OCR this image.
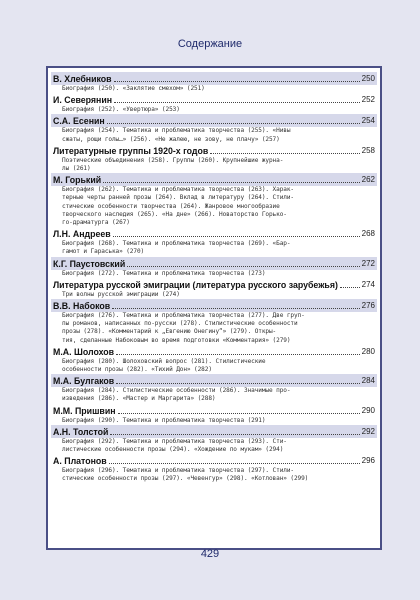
Содержание
В. Хлебников	250
Биография (250). «Заклятие смехом» (251)
И. Северянин	252
Биография (252). «Увертюра» (253)
С.А. Есенин	254
Биография (254). Тематика и проблематика творчества (255). «Нивы
сжаты, рощи голы…» (256). «Не жалею, не зову, не плачу» (257)
Литературные группы 1920-х годов	258
Поэтические объединения (258). Группы (260). Крупнейшие журна-
лы (261)
М. Горький	262
Биография (262). Тематика и проблематика творчества (263). Харак-
терные черты ранней прозы (264). Вклад в литературу (264). Стили-
стические особенности творчества (264). Жанровое многообразие
творческого наследия (265). «На дне» (266). Новаторство Горько-
го-драматурга (267)
Л.Н. Андреев	268
Биография (268). Тематика и проблематика творчества (269). «Бар-
гамот и Гараська» (270)
К.Г. Паустовский	272
Биография (272). Тематика и проблематика творчества (273)
Литература русской эмиграции (литература русского зарубежья)	274
Три волны русской эмиграции (274)
В.В. Набоков	276
Биография (276). Тематика и проблематика творчества (277). Две груп-
пы романов, написанных по-русски (278). Стилистические особенности
прозы (278). «Комментарий к „Евгению Онегину“» (279). Откры-
тия, сделанные Набоковым во время подготовки «Комментария» (279)
М.А. Шолохов	280
Биография (280). Шолоховский вопрос (281). Стилистические
особенности прозы (282). «Тихий Дон» (282)
М.А. Булгаков	284
Биография (284). Стилистические особенности (286). Значимые про-
изведения (286). «Мастер и Маргарита» (288)
М.М. Пришвин	290
Биография (290). Тематика и проблематика творчества (291)
А.Н. Толстой	292
Биография (292). Тематика и проблематика творчества (293). Сти-
листические особенности прозы (294). «Хождение по мукам» (294)
А. Платонов	296
Биография (296). Тематика и проблематика творчества (297). Стили-
стические особенности прозы (297). «Чевенгур» (298). «Котлован» (299)
429
